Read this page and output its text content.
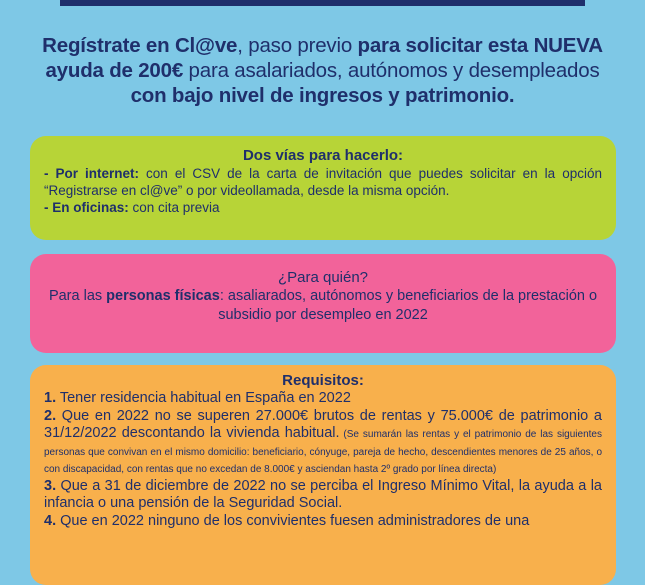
Regístrate en Cl@ve, paso previo para solicitar esta NUEVA ayuda de 200€ para asalariados, autónomos y desempleados con bajo nivel de ingresos y patrimonio.
Dos vías para hacerlo:
- Por internet: con el CSV de la carta de invitación que puedes solicitar en la opción “Registrarse en cl@ve” o por videollamada, desde la misma opción.
- En oficinas: con cita previa
¿Para quién?
Para las personas físicas: asaliarados, autónomos y beneficiarios de la prestación o subsidio por desempleo en 2022
Requisitos:
1. Tener residencia habitual en España en 2022
2. Que en 2022 no se superen 27.000€ brutos de rentas y 75.000€ de patrimonio a 31/12/2022 descontando la vivienda habitual. (Se sumarán las rentas y el patrimonio de las siguientes personas que convivan en el mismo domicilio: beneficiario, cónyuge, pareja de hecho, descendientes menores de 25 años, o con discapacidad, con rentas que no excedan de 8.000€ y asciendan hasta 2º grado por línea directa)
3. Que a 31 de diciembre de 2022 no se perciba el Ingreso Mínimo Vital, la ayuda a la infancia o una pensión de la Seguridad Social.
4. Que en 2022 ninguno de los convivientes fuesen administradores de una
